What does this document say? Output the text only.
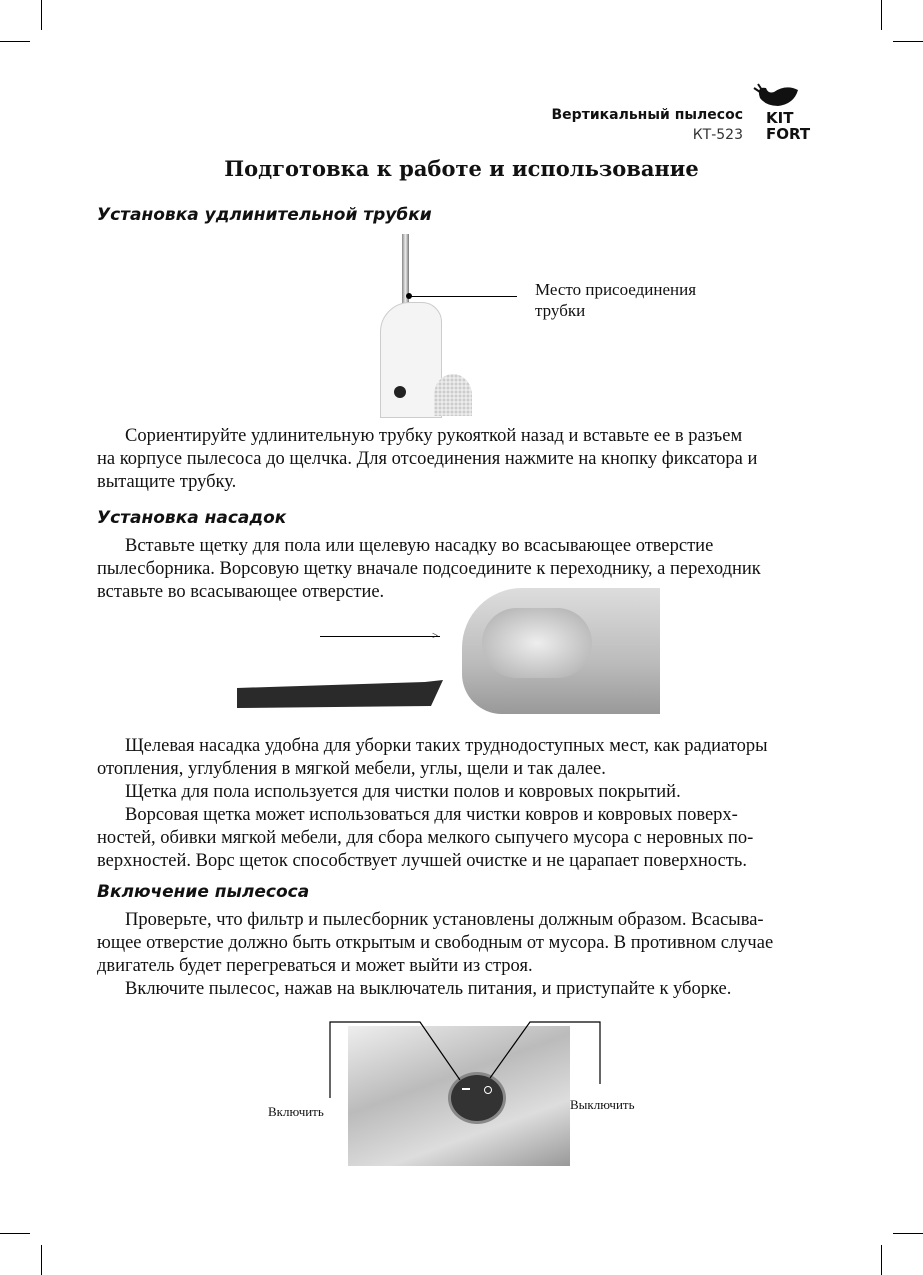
Вертикальный пылесос
КТ-523
KIT
FORT
Подготовка к работе и использование
Установка удлинительной трубки
Место присоединения
трубки
Сориентируйте удлинительную трубку рукояткой назад и вставьте ее в разъем
на корпусе пылесоса до щелчка. Для отсоединения нажмите на кнопку фиксатора и
вытащите трубку.
Установка насадок
Вставьте щетку для пола или щелевую насадку во всасывающее отверстие
пылесборника. Ворсовую щетку вначале подсоедините к переходнику, а переходник
вставьте во всасывающее отверстие.
>
Щелевая насадка удобна для уборки таких труднодоступных мест, как радиаторы
отопления, углубления в мягкой мебели, углы, щели и так далее.
Щетка для пола используется для чистки полов и ковровых покрытий.
Ворсовая щетка может использоваться для чистки ковров и ковровых поверх-
ностей, обивки мягкой мебели, для сбора мелкого сыпучего мусора с неровных по-
верхностей. Ворс щеток способствует лучшей очистке и не царапает поверхность.
Включение пылесоса
Проверьте, что фильтр и пылесборник установлены должным образом. Всасыва-
ющее отверстие должно быть открытым и свободным от мусора. В противном случае
двигатель будет перегреваться и может выйти из строя.
Включите пылесос, нажав на выключатель питания, и приступайте к уборке.
Включить	Выключить
